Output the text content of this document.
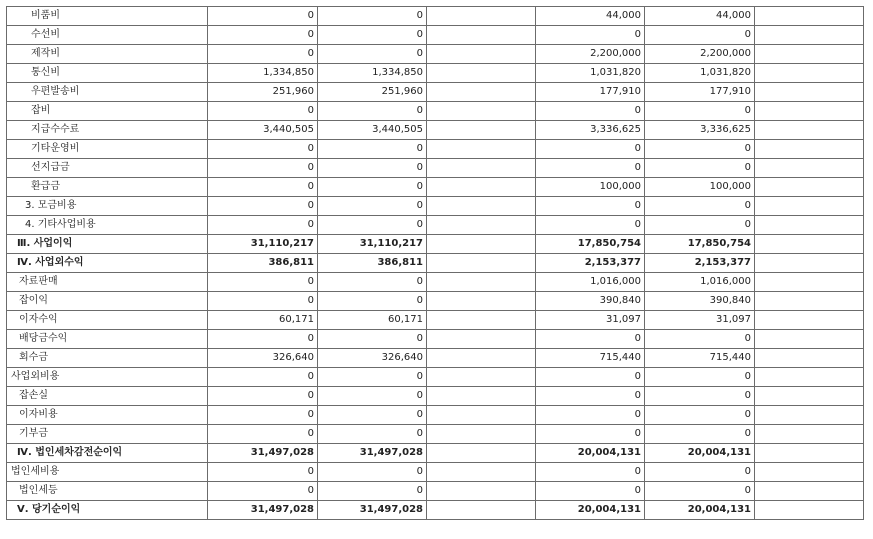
비품비	0	0		44,000	44,000	
수선비	0	0		0	0	
제작비	0	0		2,200,000	2,200,000	
통신비	1,334,850	1,334,850		1,031,820	1,031,820	
우편발송비	251,960	251,960		177,910	177,910	
잡비	0	0		0	0	
지급수수료	3,440,505	3,440,505		3,336,625	3,336,625	
기타운영비	0	0		0	0	
선지급금	0	0		0	0	
환급금	0	0		100,000	100,000	
3. 모금비용	0	0		0	0	
4. 기타사업비용	0	0		0	0	
Ⅲ. 사업이익	31,110,217	31,110,217		17,850,754	17,850,754	
Ⅳ. 사업외수익	386,811	386,811		2,153,377	2,153,377	
자료판매	0	0		1,016,000	1,016,000	
잡이익	0	0		390,840	390,840	
이자수익	60,171	60,171		31,097	31,097	
배당금수익	0	0		0	0	
회수금	326,640	326,640		715,440	715,440	
사업외비용	0	0		0	0	
잡손실	0	0		0	0	
이자비용	0	0		0	0	
기부금	0	0		0	0	
Ⅳ. 법인세차감전순이익	31,497,028	31,497,028		20,004,131	20,004,131	
법인세비용	0	0		0	0	
법인세등	0	0		0	0	
Ⅴ. 당기순이익	31,497,028	31,497,028		20,004,131	20,004,131	
